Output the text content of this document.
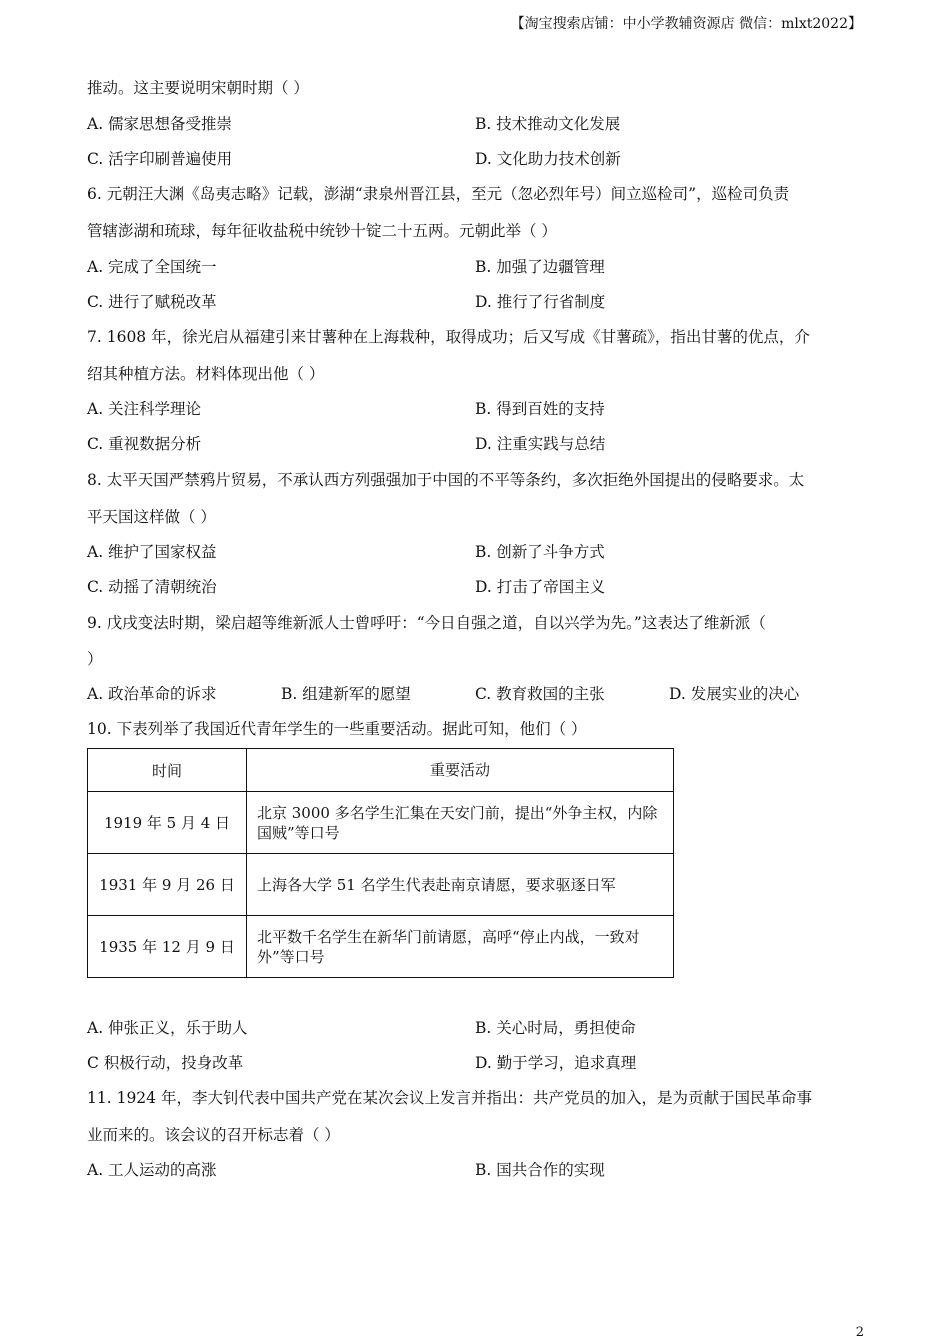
【淘宝搜索店铺：中小学教辅资源店 微信：mlxt2022】
推动。这主要说明宋朝时期（ ）
A. 儒家思想备受推崇	B. 技术推动文化发展
C. 活字印刷普遍使用	D. 文化助力技术创新
6. 元朝汪大渊《岛夷志略》记载，澎湖“隶泉州晋江县，至元（忽必烈年号）间立巡检司”，巡检司负责
管辖澎湖和琉球，每年征收盐税中统钞十锭二十五两。元朝此举（ ）
A. 完成了全国统一	B. 加强了边疆管理
C. 进行了赋税改革	D. 推行了行省制度
7. 1608 年，徐光启从福建引来甘薯种在上海栽种，取得成功；后又写成《甘薯疏》，指出甘薯的优点，介
绍其种植方法。材料体现出他（ ）
A. 关注科学理论	B. 得到百姓的支持
C. 重视数据分析	D. 注重实践与总结
8. 太平天国严禁鸦片贸易，不承认西方列强强加于中国的不平等条约，多次拒绝外国提出的侵略要求。太
平天国这样做（ ）
A. 维护了国家权益	B. 创新了斗争方式
C. 动摇了清朝统治	D. 打击了帝国主义
9. 戊戌变法时期，梁启超等维新派人士曾呼吁：“今日自强之道，自以兴学为先。”这表达了维新派（
）
A. 政治革命的诉求	B. 组建新军的愿望	C. 教育救国的主张	D. 发展实业的决心
10. 下表列举了我国近代青年学生的一些重要活动。据此可知，他们（ ）
时间	重要活动
1919 年 5 月 4 日	北京 3000 多名学生汇集在天安门前，提出“外争主权，内除国贼”等口号
1931 年 9 月 26 日	上海各大学 51 名学生代表赴南京请愿，要求驱逐日军
1935 年 12 月 9 日	北平数千名学生在新华门前请愿，高呼“停止内战，一致对外”等口号
A. 伸张正义，乐于助人	B. 关心时局，勇担使命
C 积极行动，投身改革	D. 勤于学习，追求真理
11. 1924 年，李大钊代表中国共产党在某次会议上发言并指出：共产党员的加入，是为贡献于国民革命事
业而来的。该会议的召开标志着（ ）
A. 工人运动的高涨	B. 国共合作的实现
2
